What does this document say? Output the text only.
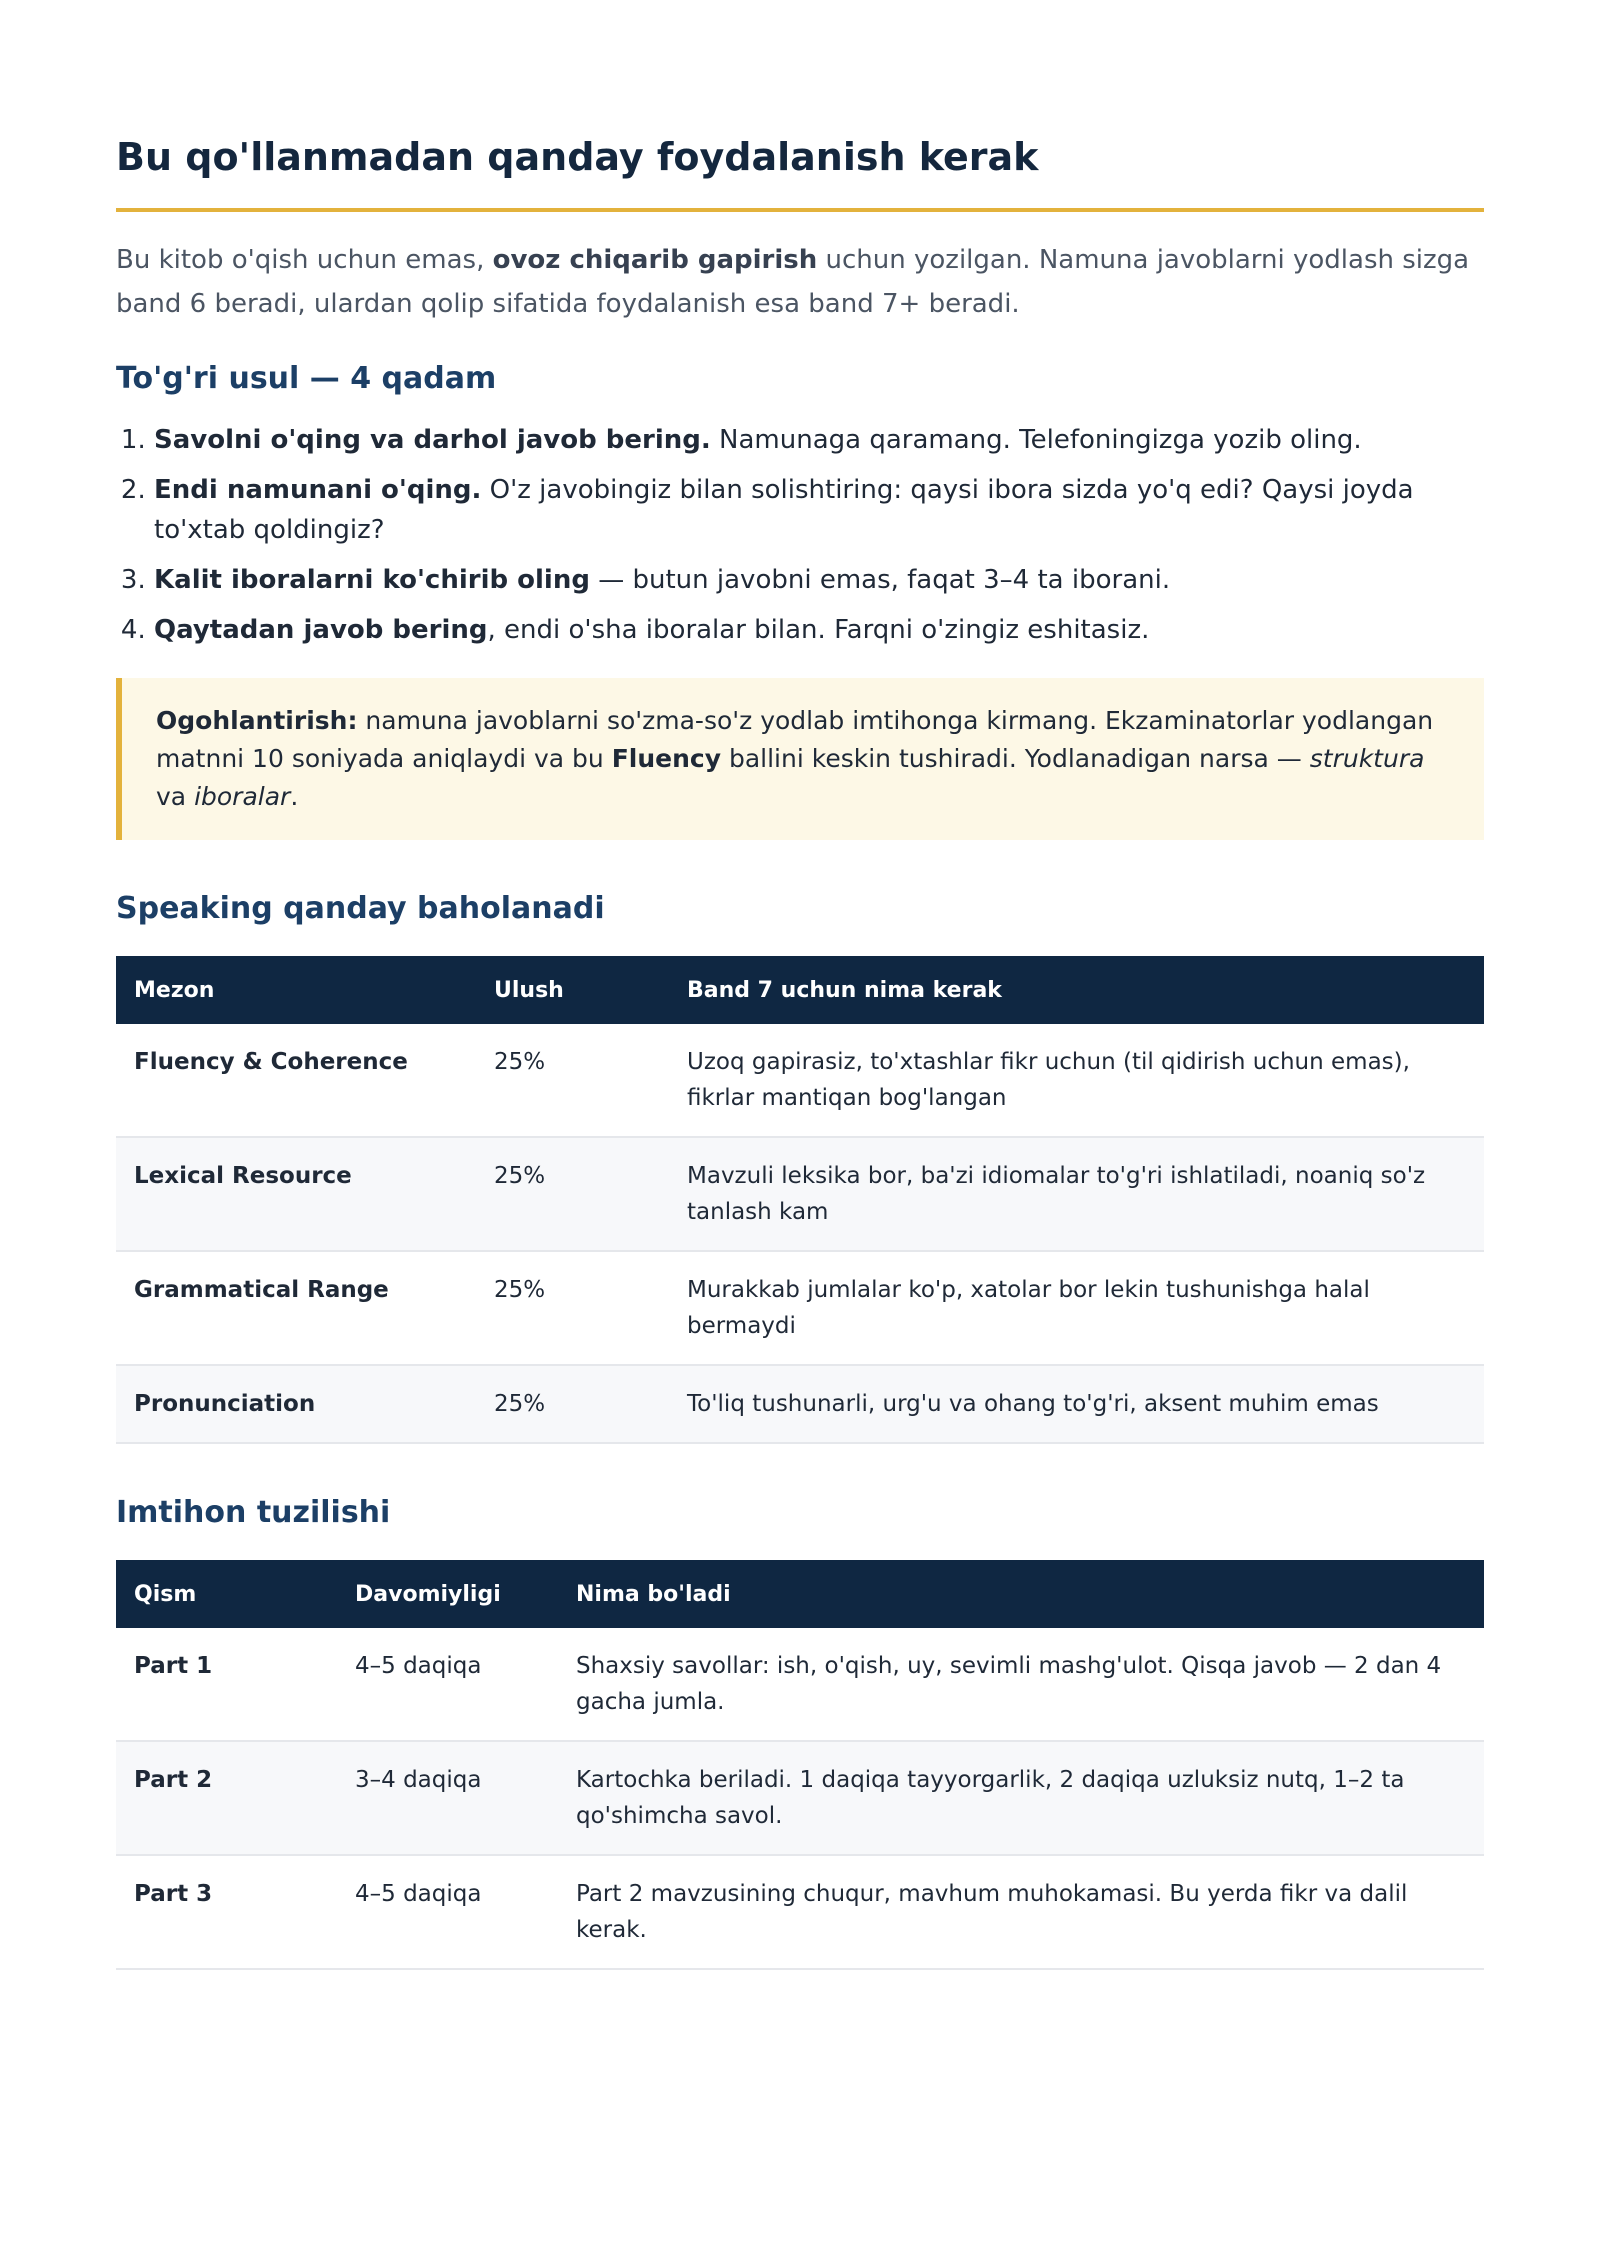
Bu qo'llanmadan qanday foydalanish kerak

Bu kitob o'qish uchun emas, ovoz chiqarib gapirish uchun yozilgan. Namuna javoblarni yodlash sizga band 6 beradi, ulardan qolip sifatida foydalanish esa band 7+ beradi.

To'g'ri usul — 4 qadam
1. Savolni o'qing va darhol javob bering. Namunaga qaramang. Telefoningizga yozib oling.
2. Endi namunani o'qing. O'z javobingiz bilan solishtiring: qaysi ibora sizda yo'q edi? Qaysi joyda to'xtab qoldingiz?
3. Kalit iboralarni ko'chirib oling — butun javobni emas, faqat 3–4 ta iborani.
4. Qaytadan javob bering, endi o'sha iboralar bilan. Farqni o'zingiz eshitasiz.
Ogohlantirish: namuna javoblarni so'zma-so'z yodlab imtihonga kirmang. Ekzaminatorlar yodlangan matnni 10 soniyada aniqlaydi va bu Fluency ballini keskin tushiradi. Yodlanadigan narsa — struktura va iboralar.
Speaking qanday baholanadi
Mezon	Ulush	Band 7 uchun nima kerak
Fluency & Coherence	25%	Uzoq gapirasiz, to'xtashlar fikr uchun (til qidirish uchun emas), fikrlar mantiqan bog'langan
Lexical Resource	25%	Mavzuli leksika bor, ba'zi idiomalar to'g'ri ishlatiladi, noaniq so'z tanlash kam
Grammatical Range	25%	Murakkab jumlalar ko'p, xatolar bor lekin tushunishga halal bermaydi
Pronunciation	25%	To'liq tushunarli, urg'u va ohang to'g'ri, aksent muhim emas
Imtihon tuzilishi
Qism	Davomiyligi	Nima bo'ladi
Part 1	4–5 daqiqa	Shaxsiy savollar: ish, o'qish, uy, sevimli mashg'ulot. Qisqa javob — 2 dan 4 gacha jumla.
Part 2	3–4 daqiqa	Kartochka beriladi. 1 daqiqa tayyorgarlik, 2 daqiqa uzluksiz nutq, 1–2 ta qo'shimcha savol.
Part 3	4–5 daqiqa	Part 2 mavzusining chuqur, mavhum muhokamasi. Bu yerda fikr va dalil kerak.
